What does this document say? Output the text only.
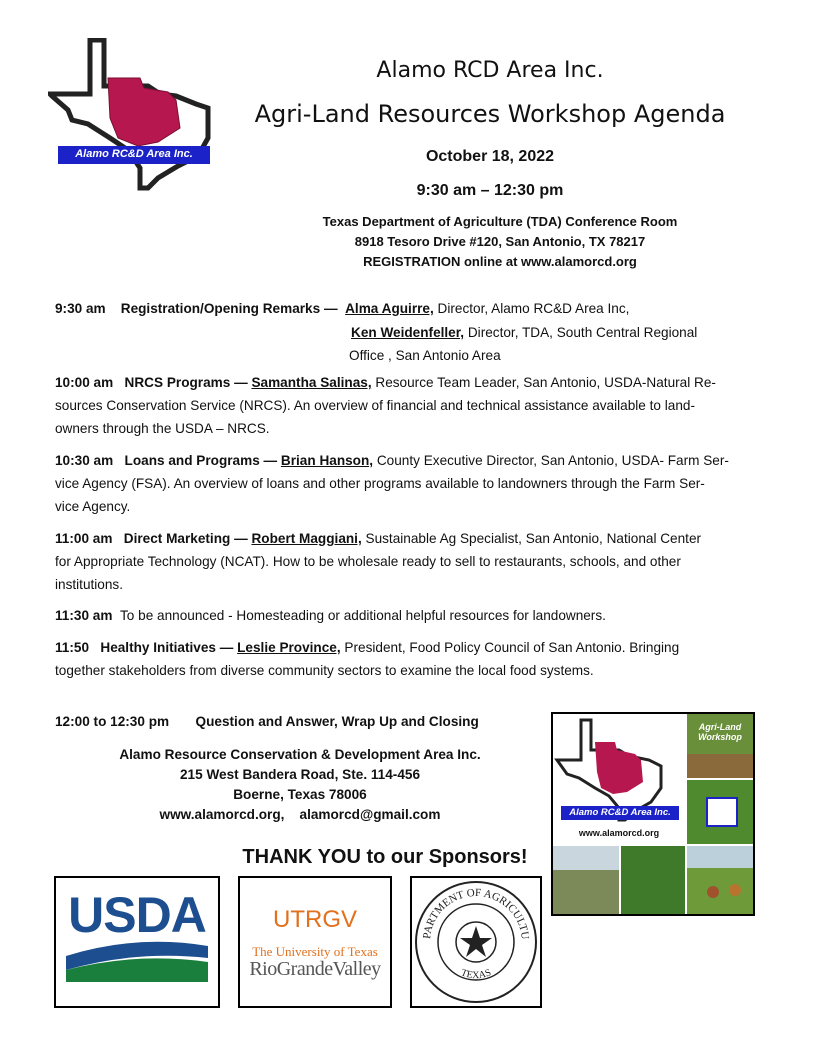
Alamo RC&D Area Inc.
Alamo RCD Area Inc.
Agri-Land Resources Workshop Agenda
October 18, 2022
9:30 am – 12:30 pm
Texas Department of Agriculture (TDA) Conference Room
8918 Tesoro Drive #120, San Antonio, TX 78217
REGISTRATION online at www.alamorcd.org
9:30 am Registration/Opening Remarks — Alma Aguirre, Director, Alamo RC&D Area Inc,
Ken Weidenfeller, Director, TDA, South Central Regional
Office , San Antonio Area
10:00 am NRCS Programs — Samantha Salinas, Resource Team Leader, San Antonio, USDA-Natural Re-
sources Conservation Service (NRCS). An overview of financial and technical assistance available to land-
owners through the USDA – NRCS.
10:30 am Loans and Programs — Brian Hanson, County Executive Director, San Antonio, USDA- Farm Ser-
vice Agency (FSA). An overview of loans and other programs available to landowners through the Farm Ser-
vice Agency.
11:00 am Direct Marketing — Robert Maggiani, Sustainable Ag Specialist, San Antonio, National Center
for Appropriate Technology (NCAT). How to be wholesale ready to sell to restaurants, schools, and other
institutions.
11:30 am To be announced - Homesteading or additional helpful resources for landowners.
11:50 Healthy Initiatives — Leslie Province, President, Food Policy Council of San Antonio. Bringing
together stakeholders from diverse community sectors to examine the local food systems.
12:00 to 12:30 pm Question and Answer, Wrap Up and Closing
Alamo Resource Conservation & Development Area Inc.
215 West Bandera Road, Ste. 114-456
Boerne, Texas 78006
www.alamorcd.org,    alamorcd@gmail.com	Alamo RC&D Area Inc.
www.alamorcd.org
Agri-Land Workshop
THANK YOU to our Sponsors!
USDA	UTRGV
The University of Texas
RioGrandeValley
PARTMENT OF AGRICULTU
TEXAS
